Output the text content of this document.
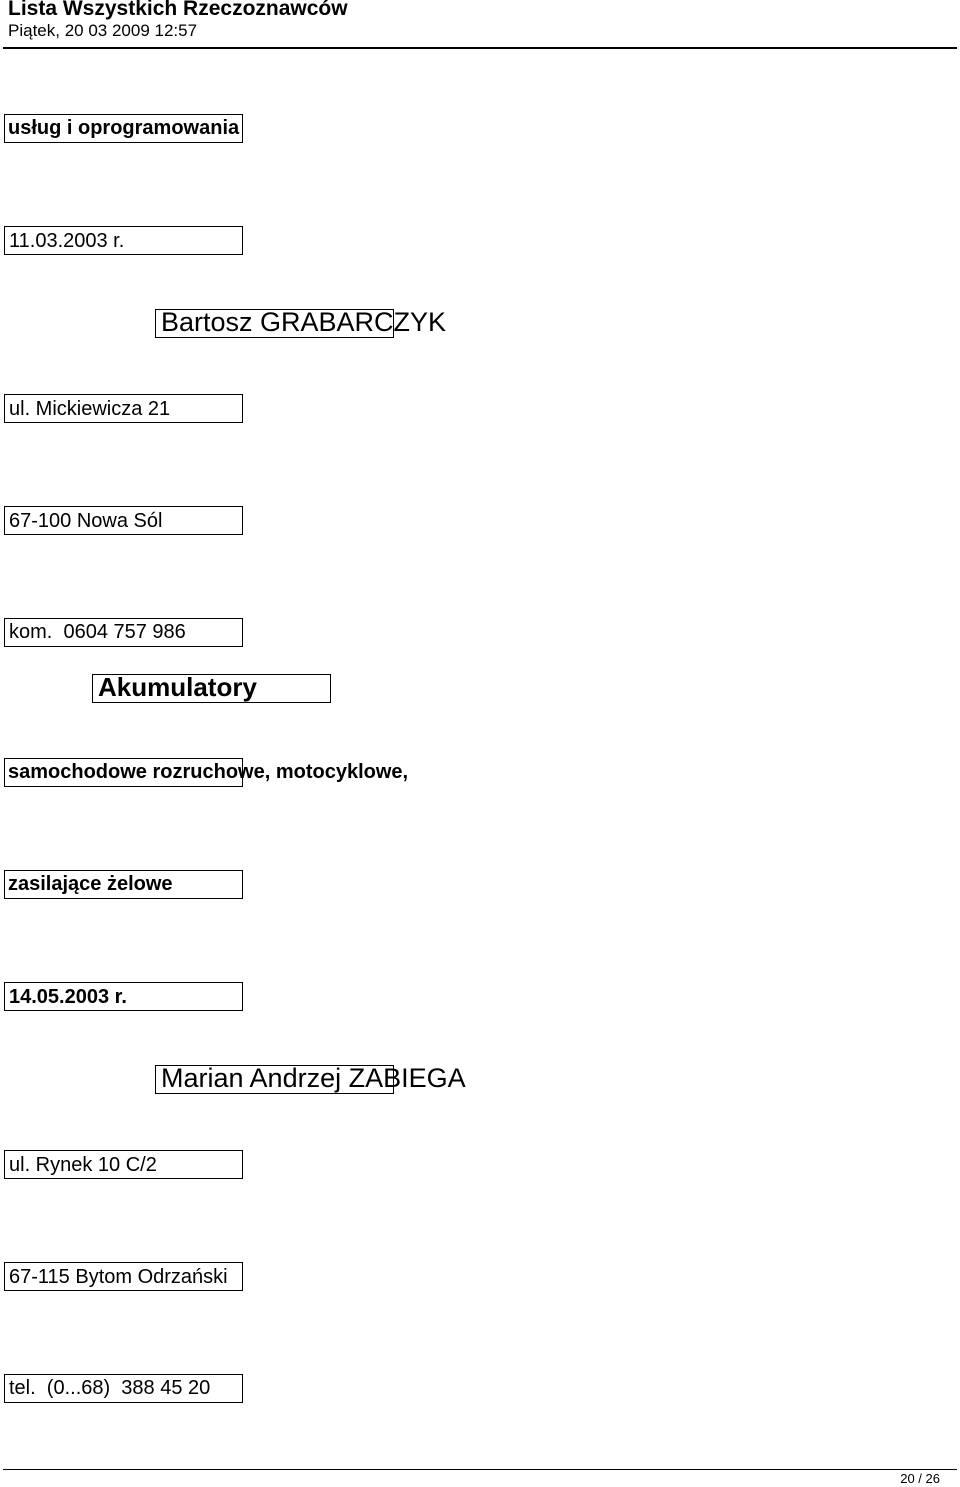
Lista Wszystkich Rzeczoznawców
Piątek, 20 03 2009 12:57
usług i oprogramowania
11.03.2003 r.
Bartosz GRABARCZYK
ul. Mickiewicza 21
67-100 Nowa Sól
kom.  0604 757 986
Akumulatory
samochodowe rozruchowe, motocyklowe,
zasilające żelowe
14.05.2003 r.
Marian Andrzej ZABIEGA
ul. Rynek 10 C/2
67-115 Bytom Odrzański
tel.  (0...68)  388 45 20
20 / 26
